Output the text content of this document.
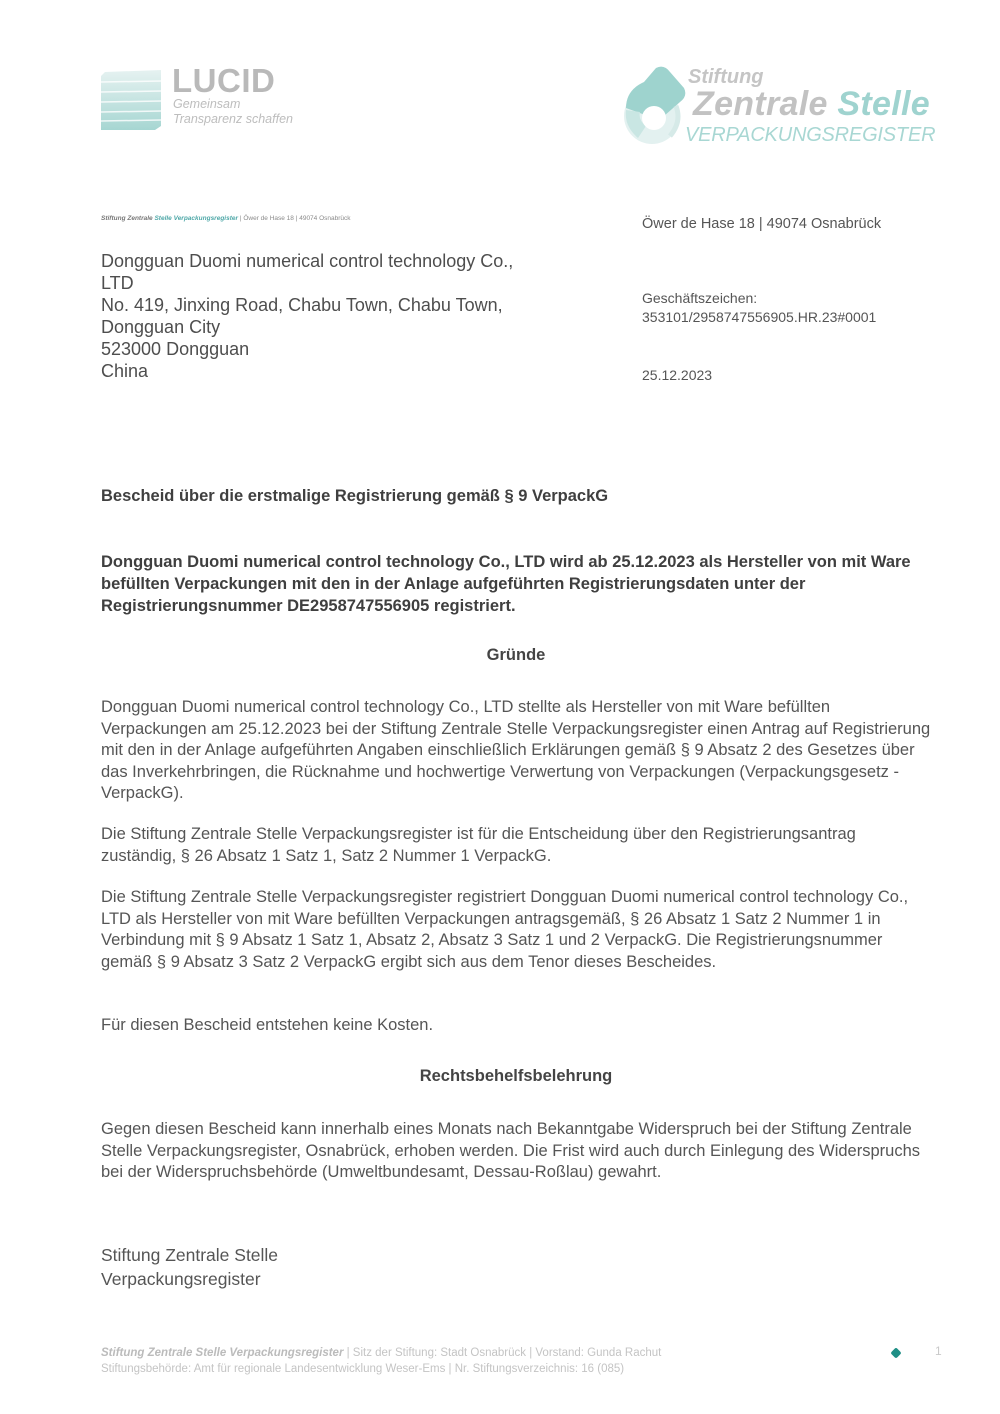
LUCID
Gemeinsam
Transparenz schaffen
Stiftung
Zentrale Stelle
VERPACKUNGSREGISTER
Stiftung Zentrale Stelle Verpackungsregister | Öwer de Hase 18 | 49074 Osnabrück
Dongguan Duomi numerical control technology Co.,
LTD
No. 419, Jinxing Road, Chabu Town, Chabu Town,
Dongguan City
523000 Dongguan
China
Öwer de Hase 18 | 49074 Osnabrück
Geschäftszeichen:
353101/2958747556905.HR.23#0001
25.12.2023
Bescheid über die erstmalige Registrierung gemäß § 9 VerpackG
Dongguan Duomi numerical control technology Co., LTD wird ab 25.12.2023 als Hersteller von mit Ware befüllten Verpackungen mit den in der Anlage aufgeführten Registrierungsdaten unter der Registrierungsnummer DE2958747556905 registriert.
Gründe
Dongguan Duomi numerical control technology Co., LTD stellte als Hersteller von mit Ware befüllten Verpackungen am 25.12.2023 bei der Stiftung Zentrale Stelle Verpackungsregister einen Antrag auf Registrierung mit den in der Anlage aufgeführten Angaben einschließlich Erklärungen gemäß § 9 Absatz 2 des Gesetzes über das Inverkehrbringen, die Rücknahme und hochwertige Verwertung von Verpackungen (Verpackungsgesetz - VerpackG).
Die Stiftung Zentrale Stelle Verpackungsregister ist für die Entscheidung über den Registrierungsantrag zuständig, § 26 Absatz 1 Satz 1, Satz 2 Nummer 1 VerpackG.
Die Stiftung Zentrale Stelle Verpackungsregister registriert Dongguan Duomi numerical control technology Co., LTD als Hersteller von mit Ware befüllten Verpackungen antragsgemäß, § 26 Absatz 1 Satz 2 Nummer 1 in Verbindung mit § 9 Absatz 1 Satz 1, Absatz 2, Absatz 3 Satz 1 und 2 VerpackG. Die Registrierungsnummer gemäß § 9 Absatz 3 Satz 2 VerpackG ergibt sich aus dem Tenor dieses Bescheides.
Für diesen Bescheid entstehen keine Kosten.
Rechtsbehelfsbelehrung
Gegen diesen Bescheid kann innerhalb eines Monats nach Bekanntgabe Widerspruch bei der Stiftung Zentrale Stelle Verpackungsregister, Osnabrück, erhoben werden. Die Frist wird auch durch Einlegung des Widerspruchs bei der Widerspruchsbehörde (Umweltbundesamt, Dessau-Roßlau) gewahrt.
Stiftung Zentrale Stelle
Verpackungsregister
Stiftung Zentrale Stelle Verpackungsregister | Sitz der Stiftung: Stadt Osnabrück | Vorstand: Gunda Rachut
Stiftungsbehörde: Amt für regionale Landesentwicklung Weser-Ems | Nr. Stiftungsverzeichnis: 16 (085)
1
